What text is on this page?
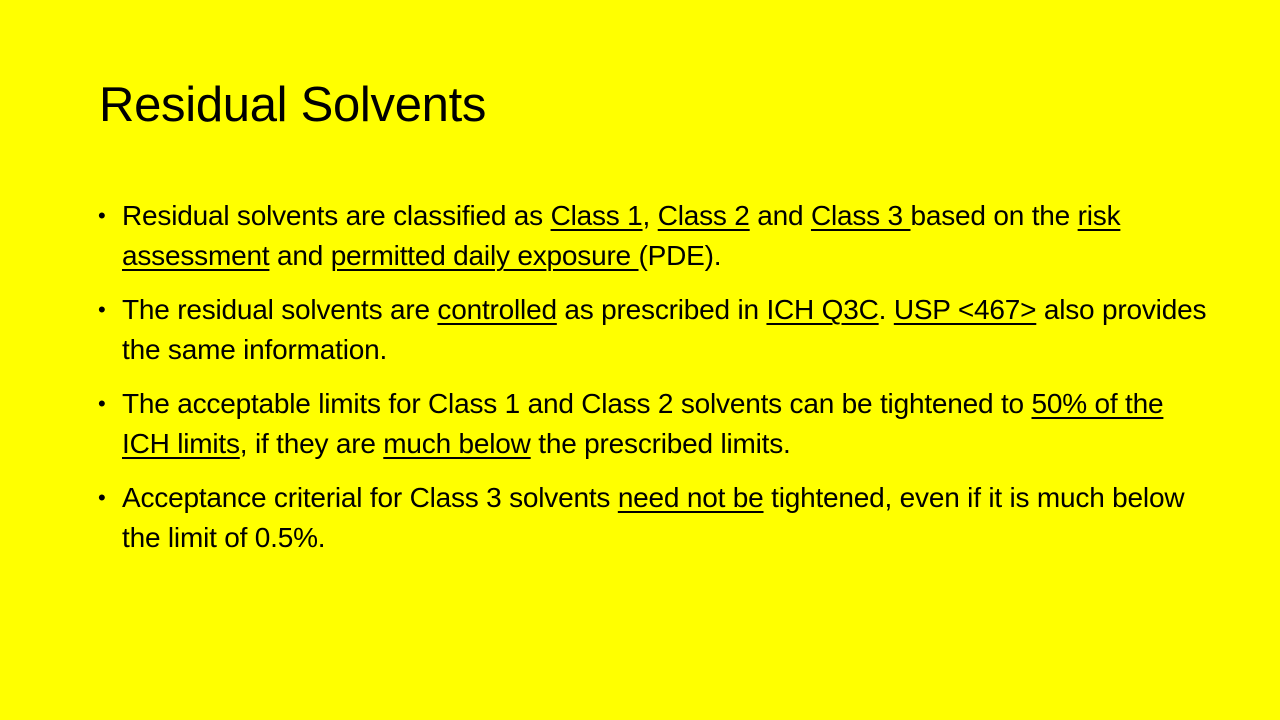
Residual Solvents
• Residual solvents are classified as Class 1, Class 2 and Class 3 based on the risk assessment and permitted daily exposure (PDE).
• The residual solvents are controlled as prescribed in ICH Q3C. USP <467> also provides the same information.
• The acceptable limits for Class 1 and Class 2 solvents can be tightened to 50% of the ICH limits, if they are much below the prescribed limits.
• Acceptance criterial for Class 3 solvents need not be tightened, even if it is much below the limit of 0.5%.
